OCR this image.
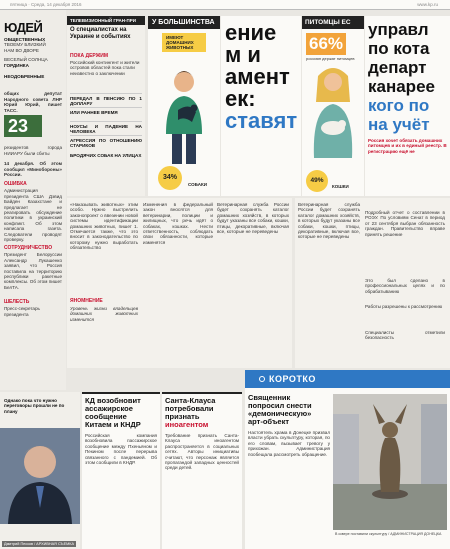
пятница · Среда, 14 декабря 2016	www.kp.ru
ЮДЕЙ
ОБЩЕСТВЕННЫХ
ТВОЕМУ БЛИЗКИЙ
НАМ ВО ДВОРЕ
ВЕСЕЛЫЙ СОЛНЦА
ГОРДИНКА
НЕОДОБРЕННЫЕ
общих депутат Народного совета ЛНР Юрий Юрий, пишет ТАСС.
23
резидентов города НИИАРУ были сбиты
14 декабря. Об этом сообщил «Минобороны» России.
ОШИБКА
Администрация президента США Дэвид Байден Казахстане и предлагает не реагировать обсуждение политики в украинский конфликт. Об этом написала газета. Следователи проводят проверку.
СОТРУДНИЧЕСТВО
Президент Белоруссии Александр Лукашенко заявил, что Россия поставила на территорию республики ракетные комплексы. Об этом пишет БелТА.
ШЕЛЕСТЬ
Пресс-секретарь президента
ТЕЛЕВИЗИОННЫЙ ГРАН-ПРИ
О специалистах на Украине и событиях
ПОКА ДЕРЖИМ
Российский контингент и жители островов областей пока стали неизвестно о заключении
ПЕРЕДАЛ В ПЕНСИЮ ПО 1 ДОЛЛАРУ
ИЛИ РАННЕЕ ВРЕМЯ
НОУСЫ И ПАДЕНИЕ НА ЧЕЛОВЕКА
АГРЕССИЯ ПО ОТНОШЕНИЮ СТАРИКОВ
БРОДЯЧИХ СОБАК НА УЛИЦАХ
«Наказывать животных» этим особо. Нужно выстрелить законопроект о ввезении новой системы идентификации домашних животных, пишет 1. Отмечается также, что это вносит в законодательство по которому нужно выработать обязательство
Изменения в федеральный закон вносятся для ветеринарии, полиции и жилищных, что речь идёт о собаках, кошках. Нести ответственность, соблюдать свои обязанности, которые изменятся
Ветеринарная служба России будет сохранять каталог домашних хозяйств, в которых будут указаны все собаки, кошки, птицы, декоративные, включая все, которые не переведены
ЯНОМНЕНИЕ
Уровень жизни владельцев домашних животных изменится
У БОЛЬШИНСТВА
ИМЕЮТ ДОМАШНИХ ЖИВОТНЫХ
34%
СОБАКИ
ение
м и
амент
ек:
ставят
ПИТОМЦЫ ЕС
66%
россиян держат питомцев
49%
КОШКИ
управл
по кота
департ
канарее
кого по
на учёт
Россия хочет обязать домашних питомцев и их в единый реестр. В регистрацию ещё не
Подробный отчет о составлении в РОЭУ. По условиям Сенат в период от 23 сентября выбран обязанность граждан. Правительство вправе принять решение
Ветеринарная служба России будет сохранять каталог домашних хозяйств, в которых будут указаны все собаки, кошки, птицы, декоративные, включая все, которые не переведены
Это был сделано в профессиональных целях и по обрабатыванию
Работы разрешены к рассмотрению
Специалисты отметили безопасность
Однако пока что нужно переговоры прошли не по плану
Дмитрий Песков / АРХИВНАЯ СЪЕМКА
КД возобновит
ассажирское
сообщение
Китаем и КНДР
Российская компания возобновила пассажирское сообщение между Пхеньяном и Пекином после перерыва связанного с пандемией. Об этом сообщили в КНДР.
Санта-Клауса
потребовали
признать
иноагентом
Требование признать Санта-Клауса иноагентом распространяется в социальных сетях. Авторы инициативы считают, что персонаж является пропагандой западных ценностей среди детей.
КОРОТКО
Священник
попросил снести
«демоническую»
арт-объект
Настоятель храма в Донецке призвал власти убрать скульптуру, которая, по его словам, вызывает тревогу у прихожан. Администрация пообещала рассмотреть обращение.
В сквере поставили скульптуру / АДМИНИСТРАЦИЯ ДОНЕЦКА
